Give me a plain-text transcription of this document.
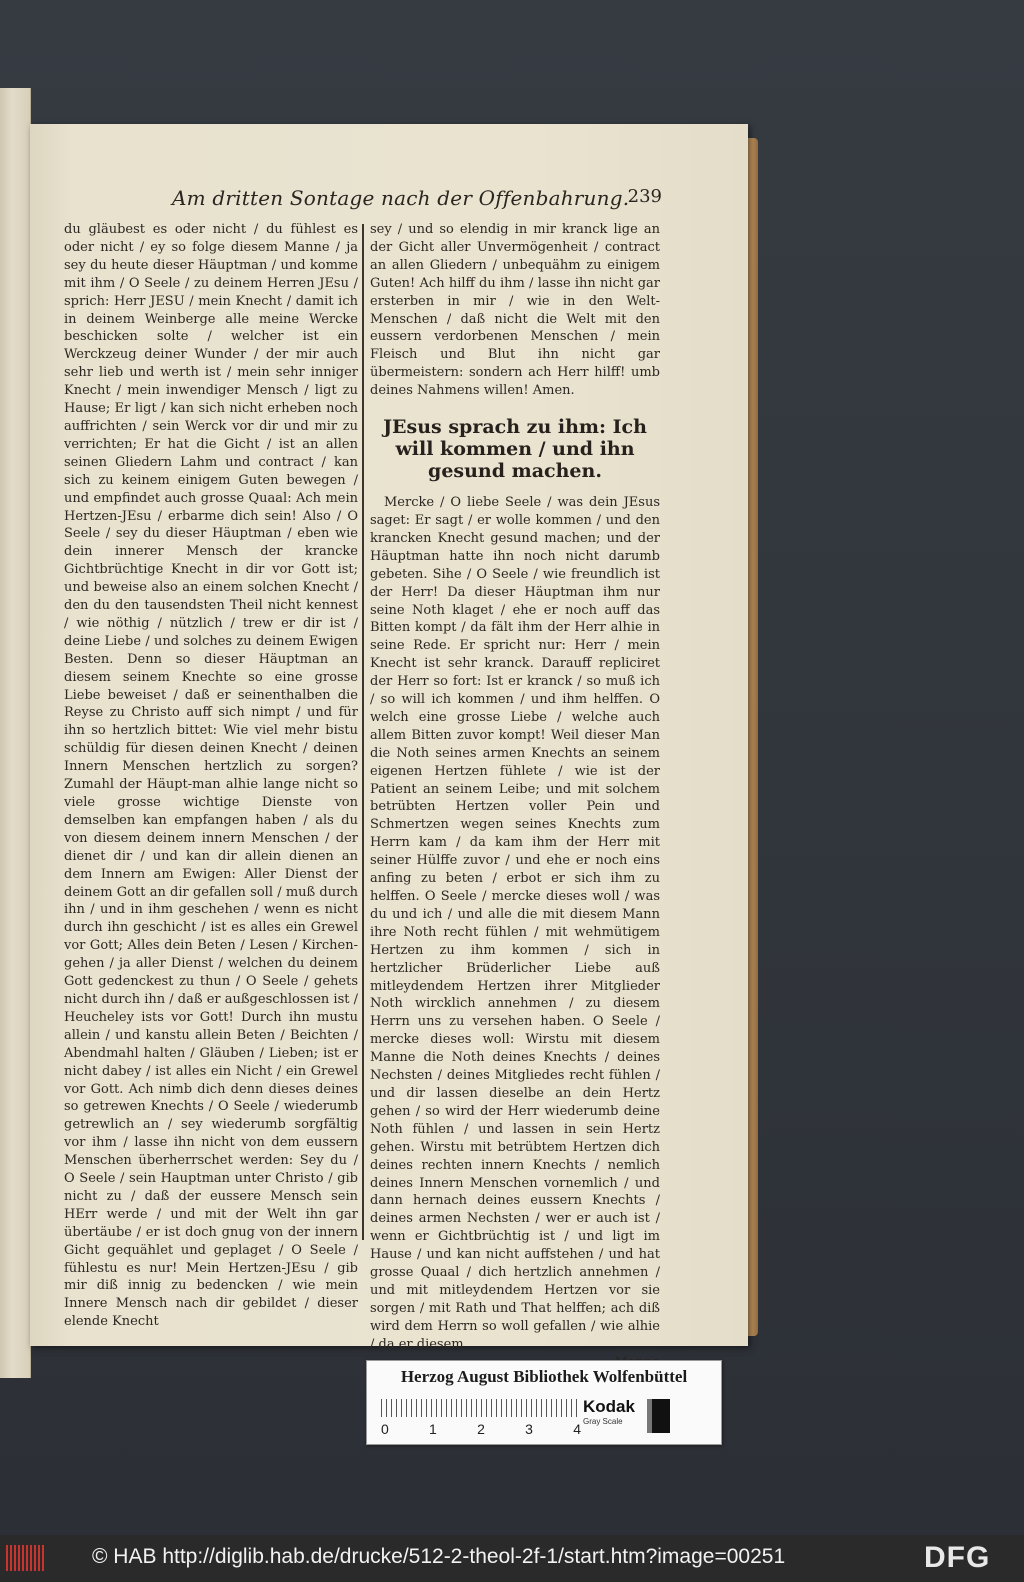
Am dritten Sontage nach der Offenbahrung.
239

du gläubest es oder nicht / du fühlest es oder nicht / ey so folge diesem Manne / ja sey du heute dieser Häuptman / und komme mit ihm / O Seele / zu deinem Herren JEsu / sprich: Herr JESU / mein Knecht / damit ich in deinem Weinberge alle meine Wercke beschicken solte / welcher ist ein Werckzeug deiner Wunder / der mir auch sehr lieb und werth ist / mein sehr inniger Knecht / mein inwendiger Mensch / ligt zu Hause; Er ligt / kan sich nicht erheben noch auffrichten / sein Werck vor dir und mir zu verrichten; Er hat die Gicht / ist an allen seinen Gliedern Lahm und contract / kan sich zu keinem einigem Guten bewegen / und empfindet auch grosse Quaal: Ach mein Hertzen-JEsu / erbarme dich sein! Also / O Seele / sey du dieser Häuptman / eben wie dein innerer Mensch der krancke Gichtbrüchtige Knecht in dir vor Gott ist; und beweise also an einem solchen Knecht / den du den tausendsten Theil nicht kennest / wie nöthig / nützlich / trew er dir ist / deine Liebe / und solches zu deinem Ewigen Besten. Denn so dieser Häuptman an diesem seinem Knechte so eine grosse Liebe beweiset / daß er seinenthalben die Reyse zu Christo auff sich nimpt / und für ihn so hertzlich bittet: Wie viel mehr bistu schüldig für diesen deinen Knecht / deinen Innern Menschen hertzlich zu sorgen? Zumahl der Häupt-man alhie lange nicht so viele grosse wichtige Dienste von demselben kan empfangen haben / als du von diesem deinem innern Menschen / der dienet dir / und kan dir allein dienen an dem Innern am Ewigen: Aller Dienst der deinem Gott an dir gefallen soll / muß durch ihn / und in ihm geschehen / wenn es nicht durch ihn geschicht / ist es alles ein Grewel vor Gott; Alles dein Beten / Lesen / Kirchen-gehen / ja aller Dienst / welchen du deinem Gott gedenckest zu thun / O Seele / gehets nicht durch ihn / daß er außgeschlossen ist / Heucheley ists vor Gott! Durch ihn mustu allein / und kanstu allein Beten / Beichten / Abendmahl halten / Gläuben / Lieben; ist er nicht dabey / ist alles ein Nicht / ein Grewel vor Gott. Ach nimb dich denn dieses deines so getrewen Knechts / O Seele / wiederumb getrewlich an / sey wiederumb sorgfältig vor ihm / lasse ihn nicht von dem eussern Menschen überherrschet werden: Sey du / O Seele / sein Hauptman unter Christo / gib nicht zu / daß der eussere Mensch sein HErr werde / und mit der Welt ihn gar übertäube / er ist doch gnug von der innern Gicht gequählet und geplaget / O Seele / fühlestu es nur! Mein Hertzen-JEsu / gib mir diß innig zu bedencken / wie mein Innere Mensch nach dir gebildet / dieser elende Knecht

sey / und so elendig in mir kranck lige an der Gicht aller Unvermögenheit / contract an allen Gliedern / unbequähm zu einigem Guten! Ach hilff du ihm / lasse ihn nicht gar ersterben in mir / wie in den Welt-Menschen / daß nicht die Welt mit den eussern verdorbenen Menschen / mein Fleisch und Blut ihn nicht gar übermeistern: sondern ach Herr hilff! umb deines Nahmens willen! Amen.

JEsus sprach zu ihm: Ich will kommen / und ihn gesund machen.

Mercke / O liebe Seele / was dein JEsus saget: Er sagt / er wolle kommen / und den krancken Knecht gesund machen; und der Häuptman hatte ihn noch nicht darumb gebeten. Sihe / O Seele / wie freundlich ist der Herr! Da dieser Häuptman ihm nur seine Noth klaget / ehe er noch auff das Bitten kompt / da fält ihm der Herr alhie in seine Rede. Er spricht nur: Herr / mein Knecht ist sehr kranck. Darauff repliciret der Herr so fort: Ist er kranck / so muß ich / so will ich kommen / und ihm helffen. O welch eine grosse Liebe / welche auch allem Bitten zuvor kompt! Weil dieser Man die Noth seines armen Knechts an seinem eigenen Hertzen fühlete / wie ist der Patient an seinem Leibe; und mit solchem betrübten Hertzen voller Pein und Schmertzen wegen seines Knechts zum Herrn kam / da kam ihm der Herr mit seiner Hülffe zuvor / und ehe er noch eins anfing zu beten / erbot er sich ihm zu helffen. O Seele / mercke dieses woll / was du und ich / und alle die mit diesem Mann ihre Noth recht fühlen / mit wehmütigem Hertzen zu ihm kommen / sich in hertzlicher Brüderlicher Liebe auß mitleydendem Hertzen ihrer Mitglieder Noth wircklich annehmen / zu diesem Herrn uns zu versehen haben. O Seele / mercke dieses woll: Wirstu mit diesem Manne die Noth deines Knechts / deines Nechsten / deines Mitgliedes recht fühlen / und dir lassen dieselbe an dein Hertz gehen / so wird der Herr wiederumb deine Noth fühlen / und lassen in sein Hertz gehen. Wirstu mit betrübtem Hertzen dich deines rechten innern Knechts / nemlich deines Innern Menschen vornemlich / und dann hernach deines eussern Knechts / deines armen Nechsten / wer er auch ist / wenn er Gichtbrüchtig ist / und ligt im Hause / und kan nicht auffstehen / und hat grosse Quaal / dich hertzlich annehmen / und mit mitleydendem Hertzen vor sie sorgen / mit Rath und That helffen; ach diß wird dem Herrn so woll gefallen / wie alhie / da er diesem

Herzog August Bibliothek Wolfenbüttel
0	1	2	3	4
Kodak
Gray Scale
© HAB http://diglib.hab.de/drucke/512-2-theol-2f-1/start.htm?image=00251	DFG
